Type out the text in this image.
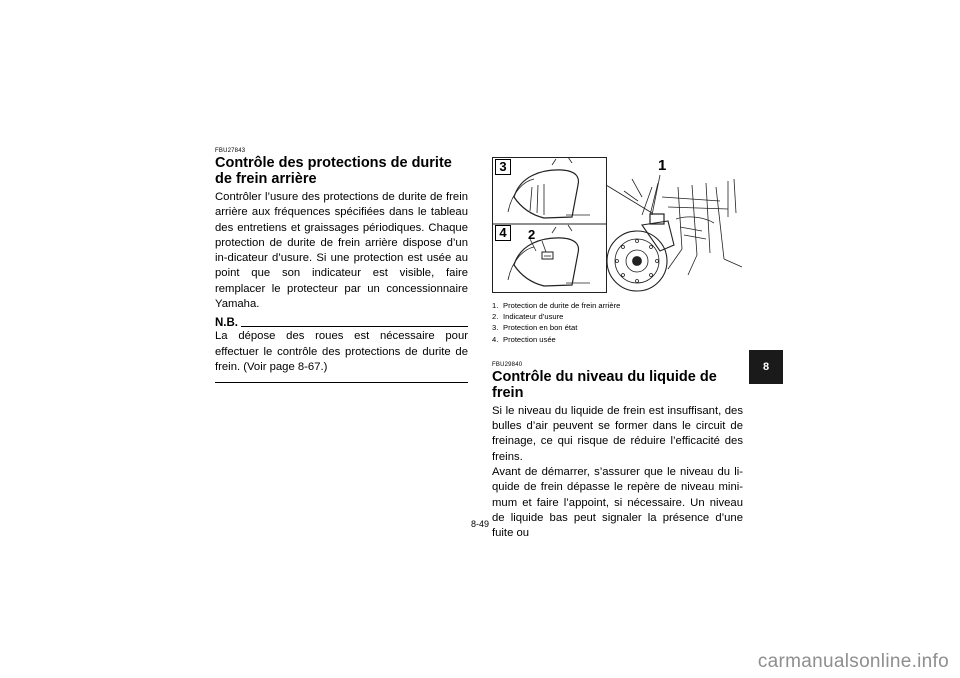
FBU27843
Contrôle des protections de durite de frein arrière

Contrôler l’usure des protections de durite de frein arrière aux fréquences spécifiées dans le tableau des entretiens et graissages périodiques. Chaque protection de durite de frein arrière dispose d’un in-dicateur d’usure. Si une protection est usée au point que son indicateur est visible, faire remplacer le protecteur par un concessionnaire Yamaha.

N.B.

La dépose des roues est nécessaire pour effectuer le contrôle des protections de durite de frein. (Voir page 8-67.)

3
4
1
2
1. Protection de durite de frein arrière
2. Indicateur d’usure
3. Protection en bon état
4. Protection usée
FBU29840
Contrôle du niveau du liquide de frein

Si le niveau du liquide de frein est insuffisant, des bulles d’air peuvent se former dans le circuit de freinage, ce qui risque de réduire l’efficacité des freins.

Avant de démarrer, s’assurer que le niveau du li-quide de frein dépasse le repère de niveau mini-mum et faire l’appoint, si nécessaire. Un niveau de liquide bas peut signaler la présence d’une fuite ou

8
8-49
carmanualsonline.info
